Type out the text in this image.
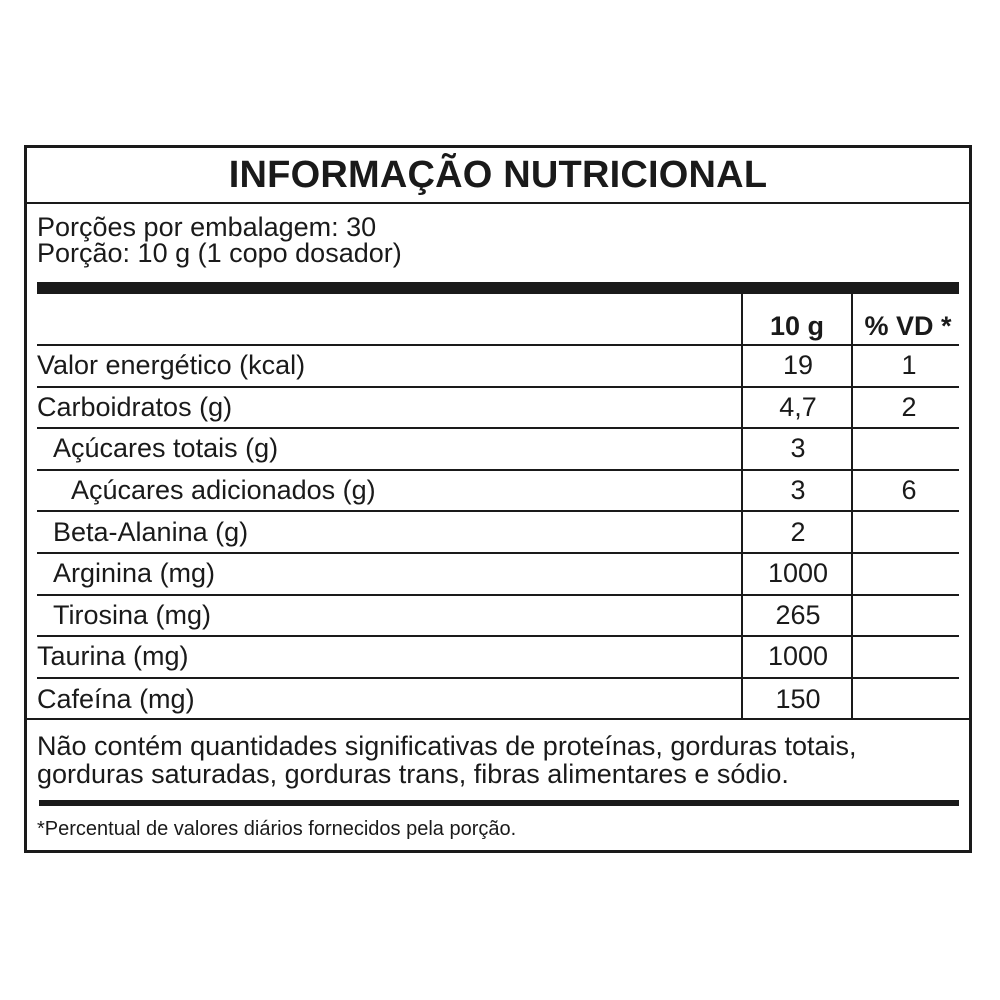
INFORMAÇÃO NUTRICIONAL
Porções por embalagem: 30
Porção: 10 g (1 copo dosador)
10 g	% VD *
Valor energético (kcal)	19	1
Carboidratos (g)	4,7	2
Açúcares totais (g)	3
Açúcares adicionados (g)	3	6
Beta-Alanina (g)	2
Arginina (mg)	1000
Tirosina (mg)	265
Taurina (mg)	1000
Cafeína (mg)	150
Não contém quantidades significativas de proteínas, gorduras totais,
gorduras saturadas, gorduras trans, fibras alimentares e sódio.
*Percentual de valores diários fornecidos pela porção.
